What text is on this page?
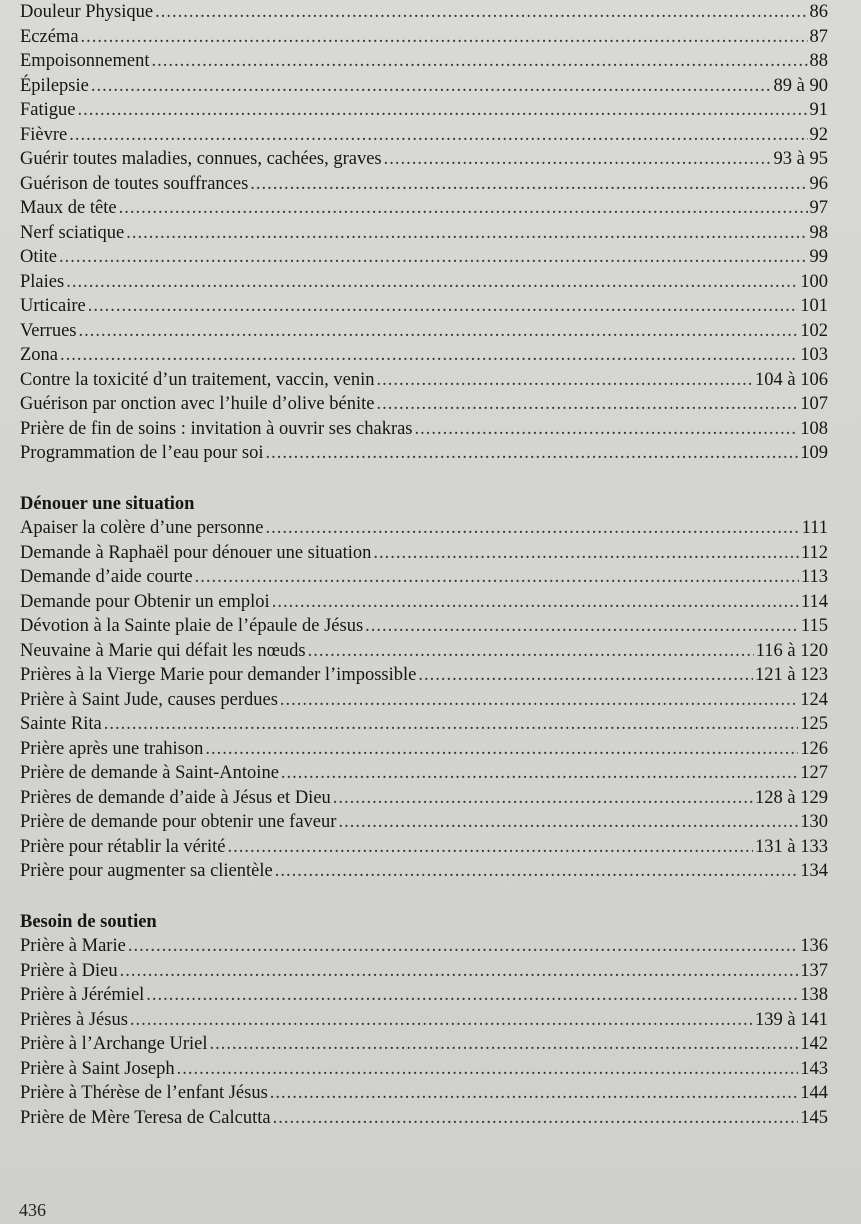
Douleur Physique .....	86
Eczéma .....	87
Empoisonnement .....	88
Épilepsie .....	89 à 90
Fatigue .....	91
Fièvre .....	92
Guérir toutes maladies, connues, cachées, graves .....	93 à 95
Guérison de toutes souffrances .....	96
Maux de tête .....	97
Nerf sciatique .....	98
Otite .....	99
Plaies .....	100
Urticaire .....	101
Verrues .....	102
Zona .....	103
Contre la toxicité d’un traitement, vaccin, venin .....	104 à 106
Guérison par onction avec l’huile d’olive bénite .....	107
Prière de fin de soins : invitation à ouvrir ses chakras .....	108
Programmation de l’eau pour soi .....	109
Dénouer une situation
Apaiser la colère d’une personne .....	111
Demande à Raphaël pour dénouer une situation .....	112
Demande d’aide courte .....	113
Demande pour Obtenir un emploi .....	114
Dévotion à la Sainte plaie de l’épaule de Jésus .....	115
Neuvaine à Marie qui défait les nœuds .....	116 à 120
Prières à la Vierge Marie pour demander l’impossible .....	121 à 123
Prière à Saint Jude, causes perdues .....	124
Sainte Rita .....	125
Prière après une trahison .....	126
Prière de demande à Saint-Antoine .....	127
Prières de demande d’aide à Jésus et Dieu .....	128 à 129
Prière de demande pour obtenir une faveur .....	130
Prière pour rétablir la vérité .....	131 à 133
Prière pour augmenter sa clientèle .....	134
Besoin de soutien
Prière à Marie .....	136
Prière à Dieu .....	137
Prière à Jérémiel .....	138
Prières à Jésus .....	139 à 141
Prière à l’Archange Uriel .....	142
Prière à Saint Joseph .....	143
Prière à Thérèse de l’enfant Jésus .....	144
Prière de Mère Teresa de Calcutta .....	145
436
